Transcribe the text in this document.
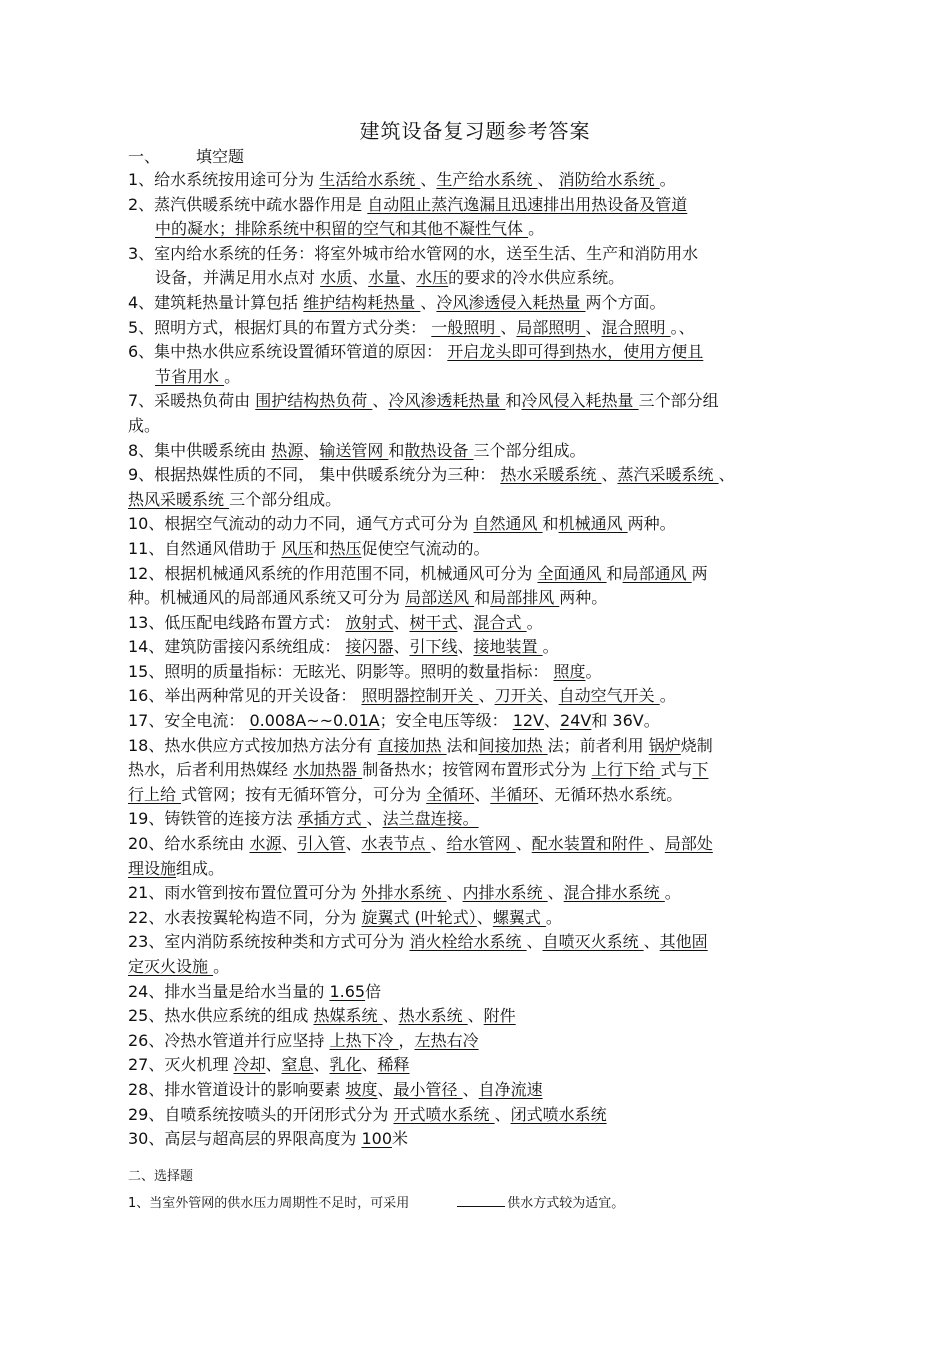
建筑设备复习题参考答案
一、 填空题
1、给水系统按用途可分为 生活给水系统 、生产给水系统 、 消防给水系统 。
2、蒸汽供暖系统中疏水器作用是 自动阻止蒸汽逸漏且迅速排出用热设备及管道
中的凝水；排除系统中积留的空气和其他不凝性气体 。
3、室内给水系统的任务：将室外城市给水管网的水，送至生活、生产和消防用水
设备，并满足用水点对 水质、水量、水压的要求的冷水供应系统。
4、建筑耗热量计算包括 维护结构耗热量 、冷风渗透侵入耗热量 两个方面。
5、照明方式，根据灯具的布置方式分类： 一般照明 、局部照明 、混合照明 。、
6、集中热水供应系统设置循环管道的原因： 开启龙头即可得到热水，使用方便且
节省用水 。
7、采暖热负荷由 围护结构热负荷 、冷风渗透耗热量 和冷风侵入耗热量 三个部分组
成。
8、集中供暖系统由 热源、输送管网 和散热设备 三个部分组成。
9、根据热媒性质的不同， 集中供暖系统分为三种： 热水采暖系统 、蒸汽采暖系统 、
热风采暖系统 三个部分组成。
10、根据空气流动的动力不同，通气方式可分为 自然通风 和机械通风 两种。
11、自然通风借助于 风压和热压促使空气流动的。
12、根据机械通风系统的作用范围不同，机械通风可分为 全面通风 和局部通风 两
种。机械通风的局部通风系统又可分为 局部送风 和局部排风 两种。
13、低压配电线路布置方式： 放射式、树干式、混合式 。
14、建筑防雷接闪系统组成： 接闪器、引下线、接地装置 。
15、照明的质量指标：无眩光、阴影等。照明的数量指标： 照度。
16、举出两种常见的开关设备： 照明器控制开关 、刀开关、自动空气开关 。
17、安全电流： 0.008A~~0.01A；安全电压等级： 12V、24V和 36V。
18、热水供应方式按加热方法分有 直接加热 法和间接加热 法；前者利用 锅炉烧制
热水，后者利用热媒经 水加热器 制备热水；按管网布置形式分为 上行下给 式与下
行上给 式管网；按有无循环管分，可分为 全循环、半循环、无循环热水系统。
19、铸铁管的连接方法 承插方式 、法兰盘连接。
20、给水系统由 水源、引入管、水表节点 、给水管网 、配水装置和附件 、局部处
理设施组成。
21、雨水管到按布置位置可分为 外排水系统 、内排水系统 、混合排水系统 。
22、水表按翼轮构造不同，分为 旋翼式 (叶轮式）、螺翼式 。
23、室内消防系统按种类和方式可分为 消火栓给水系统 、自喷灭火系统 、其他固
定灭火设施 。
24、排水当量是给水当量的 1.65倍
25、热水供应系统的组成 热媒系统 、热水系统 、附件
26、冷热水管道并行应坚持 上热下冷 ，左热右冷
27、灭火机理 冷却、窒息、乳化、稀释
28、排水管道设计的影响要素 坡度、最小管径 、自净流速
29、自喷系统按喷头的开闭形式分为 开式喷水系统 、闭式喷水系统
30、高层与超高层的界限高度为 100米
二、选择题
1、当室外管网的供水压力周期性不足时，可采用	供水方式较为适宜。
